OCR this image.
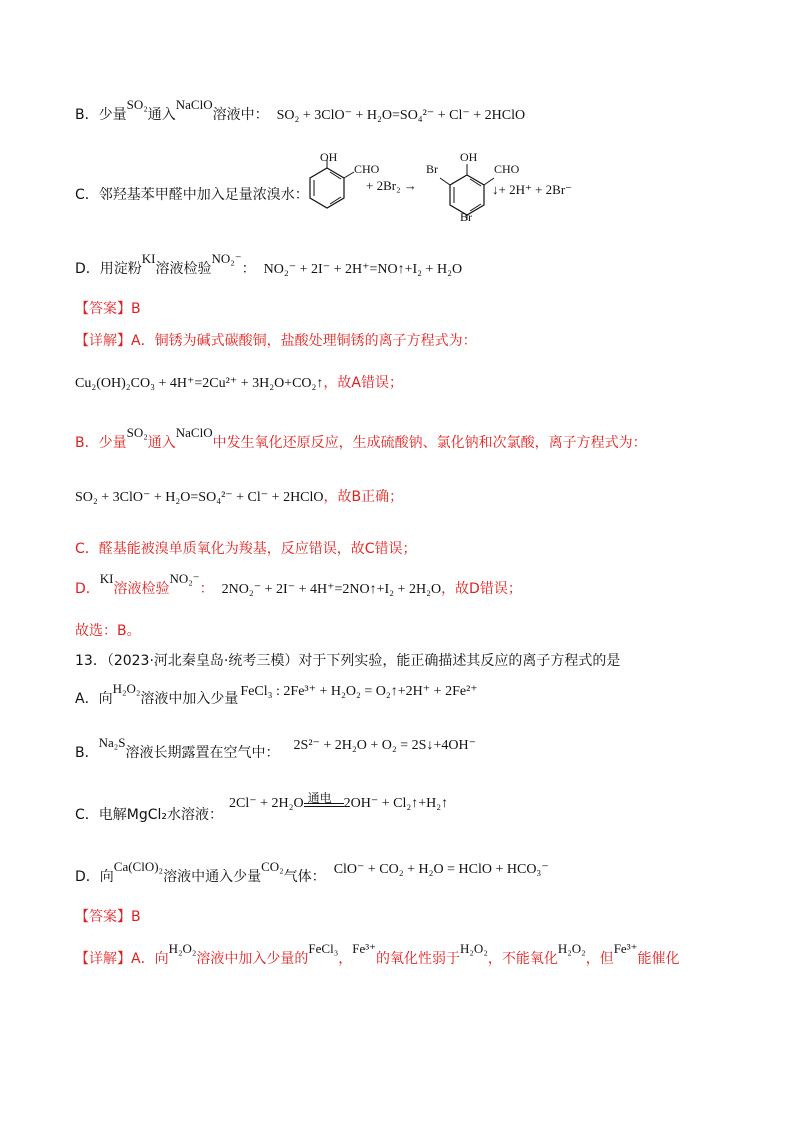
B． 少量
SO₂
通入
NaClO
溶液中： SO₂ + 3ClO⁻ + H₂O=SO₄²⁻ + Cl⁻ + 2HClO
C． 邻羟基苯甲醛中加入足量浓溴水：
OH
CHO
+ 2Br₂ →
Br
OH
CHO
Br
↓+ 2H⁺ + 2Br⁻
D． 用淀粉
KI
溶液检验
NO₂⁻
： NO₂⁻ + 2I⁻ + 2H⁺=NO↑+I₂ + H₂O
【答案】B
【详解】A．铜锈为碱式碳酸铜，盐酸处理铜锈的离子方程式为：
Cu₂(OH)₂CO₃ + 4H⁺=2Cu²⁺ + 3H₂O+CO₂↑ ，故A错误；
B．少量
SO₂
通入
NaClO
中发生氧化还原反应，生成硫酸钠、氯化钠和次氯酸，离子方程式为：
SO₂ + 3ClO⁻ + H₂O=SO₄²⁻ + Cl⁻ + 2HClO ，故B正确；
C．醛基能被溴单质氧化为羧基，反应错误，故C错误；
D．
KI
溶液检验
NO₂⁻
： 2NO₂⁻ + 2I⁻ + 4H⁺=2NO↑+I₂ + 2H₂O ，故D错误；
故选：B。
13．（2023·河北秦皇岛·统考三模）对于下列实验，能正确描述其反应的离子方程式的是
A． 向
H₂O₂
溶液中加入少量 FeCl₃ : 2Fe³⁺ + H₂O₂ = O₂↑+2H⁺ + 2Fe²⁺
B．
Na₂S
溶液长期露置在空气中： 2S²⁻ + 2H₂O + O₂ = 2S↓+4OH⁻
C． 电解MgCl₂水溶液：
2Cl⁻ + 2H₂O 通电 2OH⁻ + Cl₂↑+H₂↑
D． 向
Ca(ClO)₂
溶液中通入少量
CO₂
气体： ClO⁻ + CO₂ + H₂O = HClO + HCO₃⁻
【答案】B
【详解】A．向
H₂O₂
溶液中加入少量的
FeCl₃
，
Fe³⁺
的氧化性弱于
H₂O₂
，不能氧化
H₂O₂
，但
Fe³⁺
能催化
